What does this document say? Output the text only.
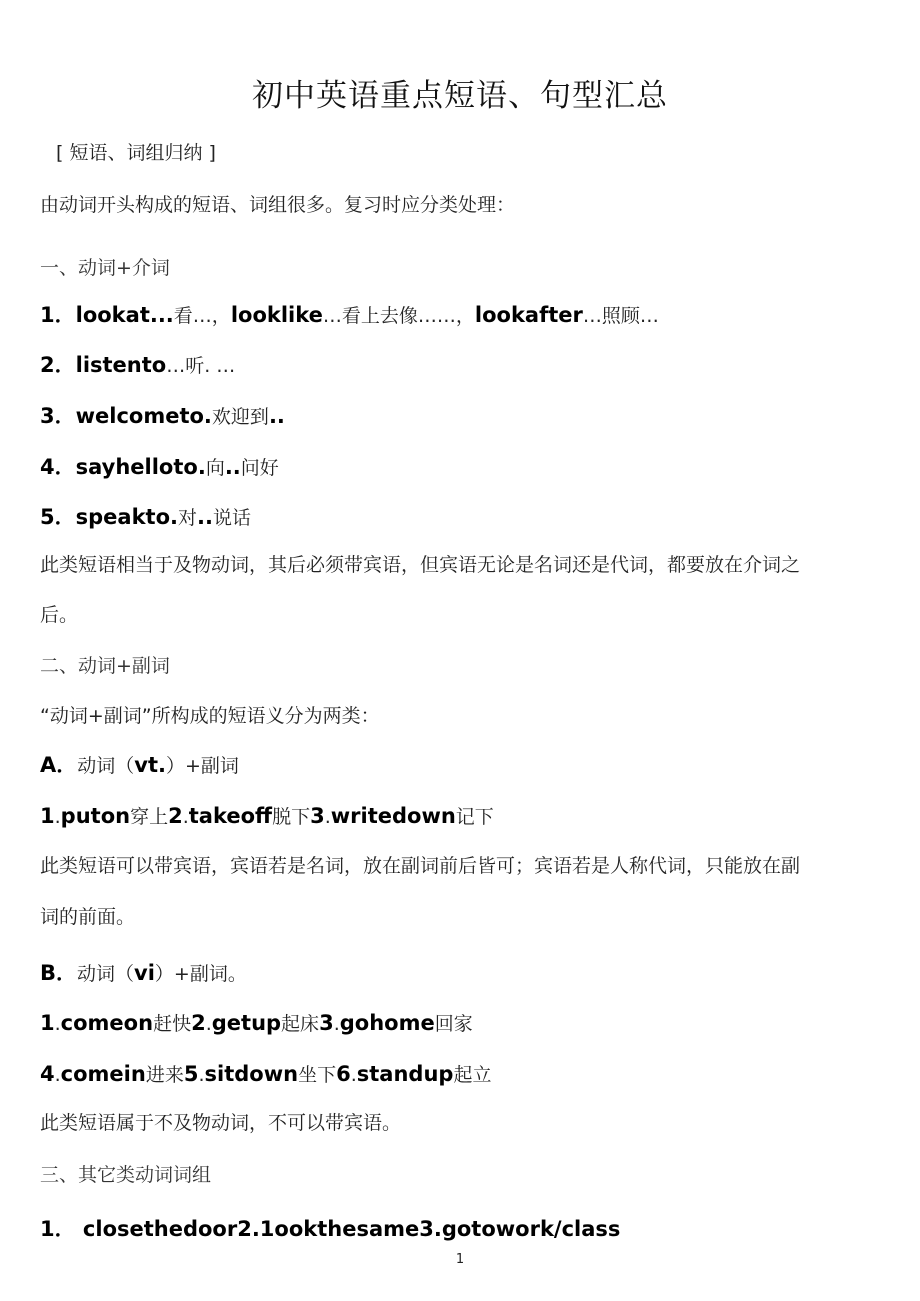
初中英语重点短语、句型汇总
[ 短语、词组归纳 ]
由动词开头构成的短语、词组很多。复习时应分类处理：
一、动词+介词
1．lookat...看…，looklike…看上去像……，lookafter…照顾…
2．listento…听. …
3．welcometo.欢迎到..
4．sayhelloto.向..问好
5．speakto.对..说话
此类短语相当于及物动词，其后必须带宾语，但宾语无论是名词还是代词，都要放在介词之
后。
二、动词+副词
“动词+副词”所构成的短语义分为两类：
A．动词（vt.）+副词
1.puton穿上2.takeoff脱下3.writedown记下
此类短语可以带宾语，宾语若是名词，放在副词前后皆可；宾语若是人称代词，只能放在副
词的前面。
B．动词（vi）+副词。
1.comeon赶快2.getup起床3.gohome回家
4.comein进来5.sitdown坐下6.standup起立
此类短语属于不及物动词，不可以带宾语。
三、其它类动词词组
1． closethedoor2.1ookthesame3.gotowork/class
1
